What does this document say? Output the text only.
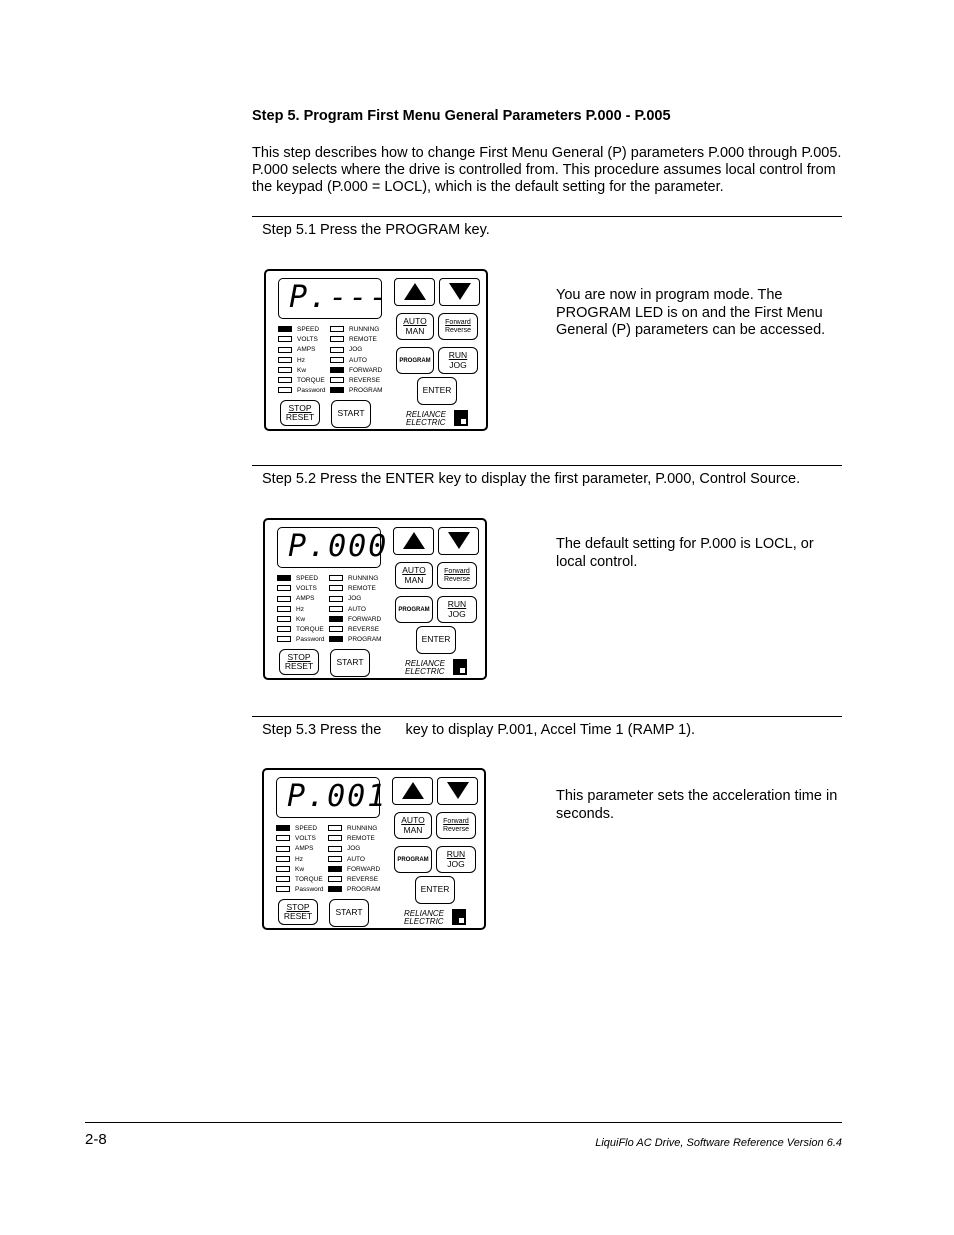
Step 5. Program First Menu General Parameters P.000 - P.005
This step describes how to change First Menu General (P) parameters P.000 through P.005. P.000 selects where the drive is controlled from. This procedure assumes local control from the keypad (P.000 = LOCL), which is the default setting for the parameter.
Step 5.1 Press the PROGRAM key.
P.---
AUTO
MAN
Forward
Reverse
PROGRAM
RUN
JOG
ENTER
STOP
RESET	START
SPEED
VOLTS
AMPS
Hz
Kw
TORQUE
Password
RUNNING
REMOTE
JOG
AUTO
FORWARD
REVERSE
PROGRAM
RELIANCE
ELECTRIC
You are now in program mode. The PROGRAM LED is on and the First Menu General (P) parameters can be accessed.
Step 5.2 Press the ENTER key to display the first parameter, P.000, Control Source.
P.000
AUTO
MAN
Forward
Reverse
PROGRAM
RUN
JOG
ENTER
STOP
RESET	START
SPEED
VOLTS
AMPS
Hz
Kw
TORQUE
Password
RUNNING
REMOTE
JOG
AUTO
FORWARD
REVERSE
PROGRAM
RELIANCE
ELECTRIC
The default setting for P.000 is LOCL, or local control.
Step 5.3 Press the      key to display P.001, Accel Time 1 (RAMP 1).
P.001
AUTO
MAN
Forward
Reverse
PROGRAM
RUN
JOG
ENTER
STOP
RESET	START
SPEED
VOLTS
AMPS
Hz
Kw
TORQUE
Password
RUNNING
REMOTE
JOG
AUTO
FORWARD
REVERSE
PROGRAM
RELIANCE
ELECTRIC
This parameter sets the acceleration time in seconds.
2-8	LiquiFlo AC Drive, Software Reference Version 6.4
